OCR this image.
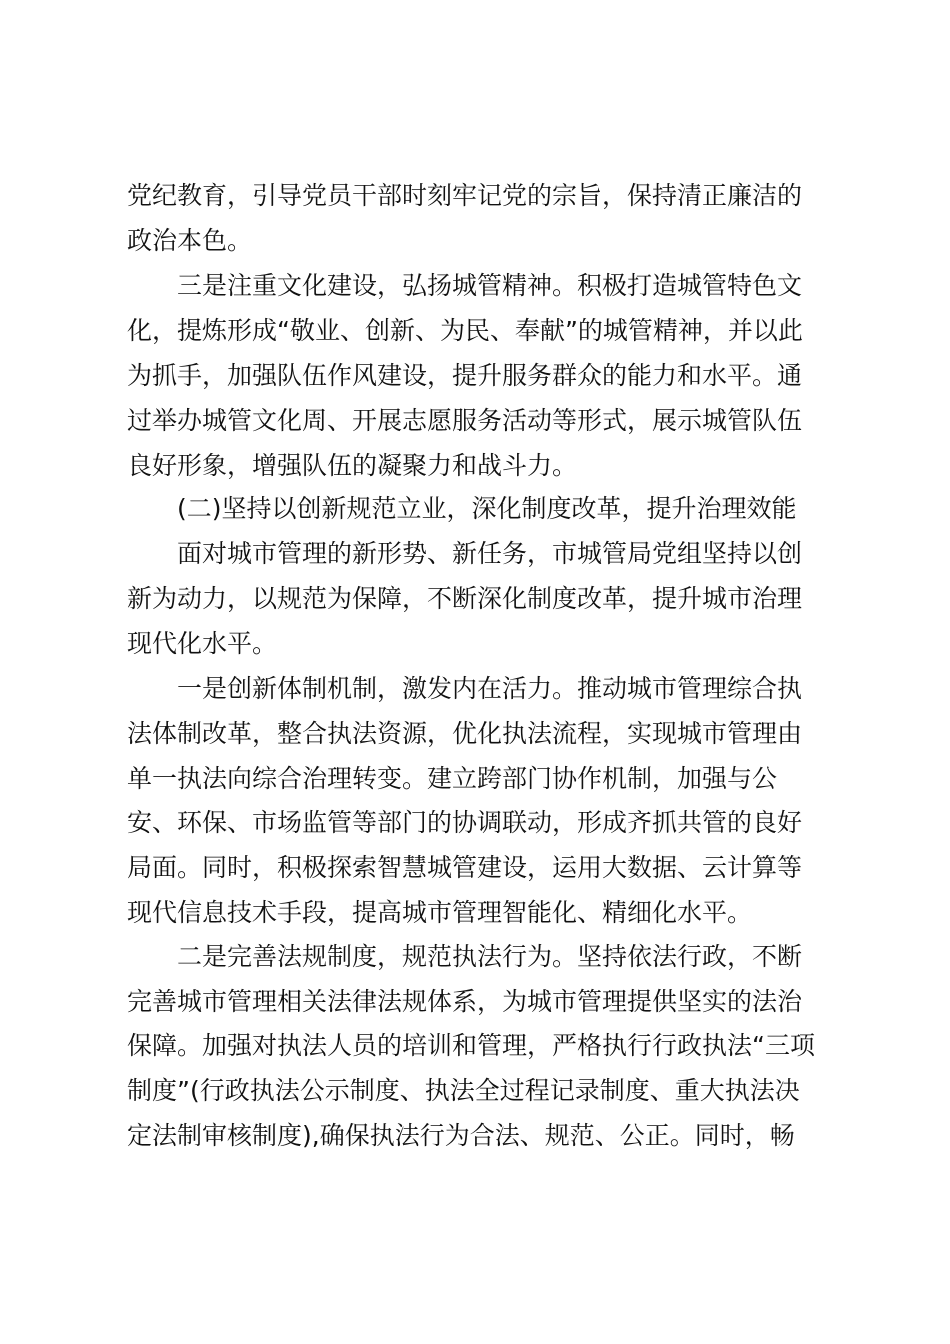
党纪教育，引导党员干部时刻牢记党的宗旨，保持清正廉洁的
政治本色。
三是注重文化建设，弘扬城管精神。积极打造城管特色文
化，提炼形成“敬业、创新、为民、奉献”的城管精神，并以此
为抓手，加强队伍作风建设，提升服务群众的能力和水平。通
过举办城管文化周、开展志愿服务活动等形式，展示城管队伍
良好形象，增强队伍的凝聚力和战斗力。
(二)坚持以创新规范立业，深化制度改革，提升治理效能
面对城市管理的新形势、新任务，市城管局党组坚持以创
新为动力，以规范为保障，不断深化制度改革，提升城市治理
现代化水平。
一是创新体制机制，激发内在活力。推动城市管理综合执
法体制改革，整合执法资源，优化执法流程，实现城市管理由
单一执法向综合治理转变。建立跨部门协作机制，加强与公
安、环保、市场监管等部门的协调联动，形成齐抓共管的良好
局面。同时，积极探索智慧城管建设，运用大数据、云计算等
现代信息技术手段，提高城市管理智能化、精细化水平。
二是完善法规制度，规范执法行为。坚持依法行政，不断
完善城市管理相关法律法规体系，为城市管理提供坚实的法治
保障。加强对执法人员的培训和管理，严格执行行政执法“三项
制度”(行政执法公示制度、执法全过程记录制度、重大执法决
定法制审核制度),确保执法行为合法、规范、公正。同时，畅
